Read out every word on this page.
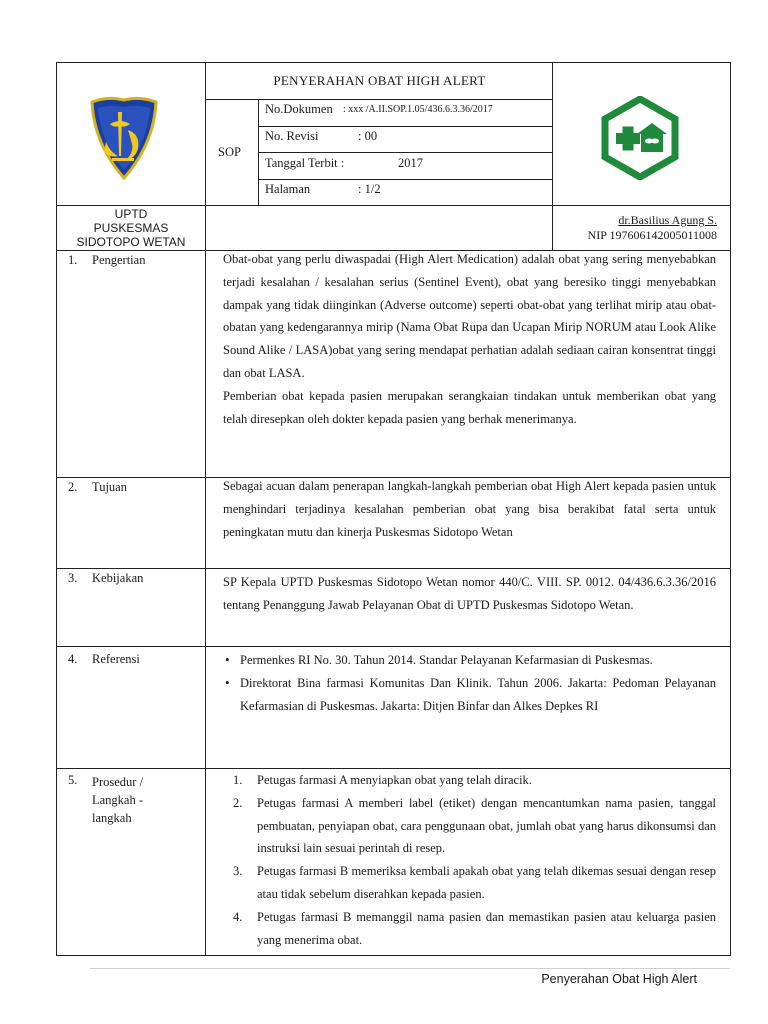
PENYERAHAN OBAT HIGH ALERT
SOP
No.Dokumen : xxx /A.II.SOP.1.05/436.6.3.36/2017
No. Revisi	: 00
Tanggal Terbit :	2017
Halaman	: 1/2
UPTD
PUSKESMAS
SIDOTOPO WETAN
dr.Basilius Agung S.
NIP 197606142005011008
1. Pengertian	Obat-obat yang perlu diwaspadai (High Alert Medication) adalah obat yang sering menyebabkan terjadi kesalahan / kesalahan serius (Sentinel Event), obat yang beresiko tinggi menyebabkan dampak yang tidak diinginkan (Adverse outcome) seperti obat-obat yang terlihat mirip atau obat-obatan yang kedengarannya mirip (Nama Obat Rupa dan Ucapan Mirip NORUM atau Look Alike Sound Alike / LASA)obat yang sering mendapat perhatian adalah sediaan cairan konsentrat tinggi dan obat LASA.

Pemberian obat kepada pasien merupakan serangkaian tindakan untuk memberikan obat yang telah diresepkan oleh dokter kepada pasien yang berhak menerimanya.

2. Tujuan	Sebagai acuan dalam penerapan langkah-langkah pemberian obat High Alert kepada pasien untuk menghindari terjadinya kesalahan pemberian obat yang bisa berakibat fatal serta untuk peningkatan mutu dan kinerja Puskesmas Sidotopo Wetan

3. Kebijakan	SP Kepala UPTD Puskesmas Sidotopo Wetan nomor 440/C. VIII. SP. 0012. 04/436.6.3.36/2016 tentang Penanggung Jawab Pelayanan Obat di UPTD Puskesmas Sidotopo Wetan.

4. Referensi
•	Permenkes RI No. 30. Tahun 2014. Standar Pelayanan Kefarmasian di Puskesmas.
• Direktorat Bina farmasi Komunitas Dan Klinik. Tahun 2006. Jakarta: Pedoman Pelayanan Kefarmasian di Puskesmas. Jakarta: Ditjen Binfar dan Alkes Depkes RI
5. Prosedur /
Langkah -
langkah
1. Petugas farmasi A menyiapkan obat yang telah diracik.
2. Petugas farmasi A memberi label (etiket) dengan mencantumkan nama pasien, tanggal pembuatan, penyiapan obat, cara penggunaan obat, jumlah obat yang harus dikonsumsi dan instruksi lain sesuai perintah di resep.
3. Petugas farmasi B memeriksa kembali apakah obat yang telah dikemas sesuai dengan resep atau tidak sebelum diserahkan kepada pasien.
4. Petugas farmasi B memanggil nama pasien dan memastikan pasien atau keluarga pasien yang menerima obat.
Penyerahan Obat High Alert
